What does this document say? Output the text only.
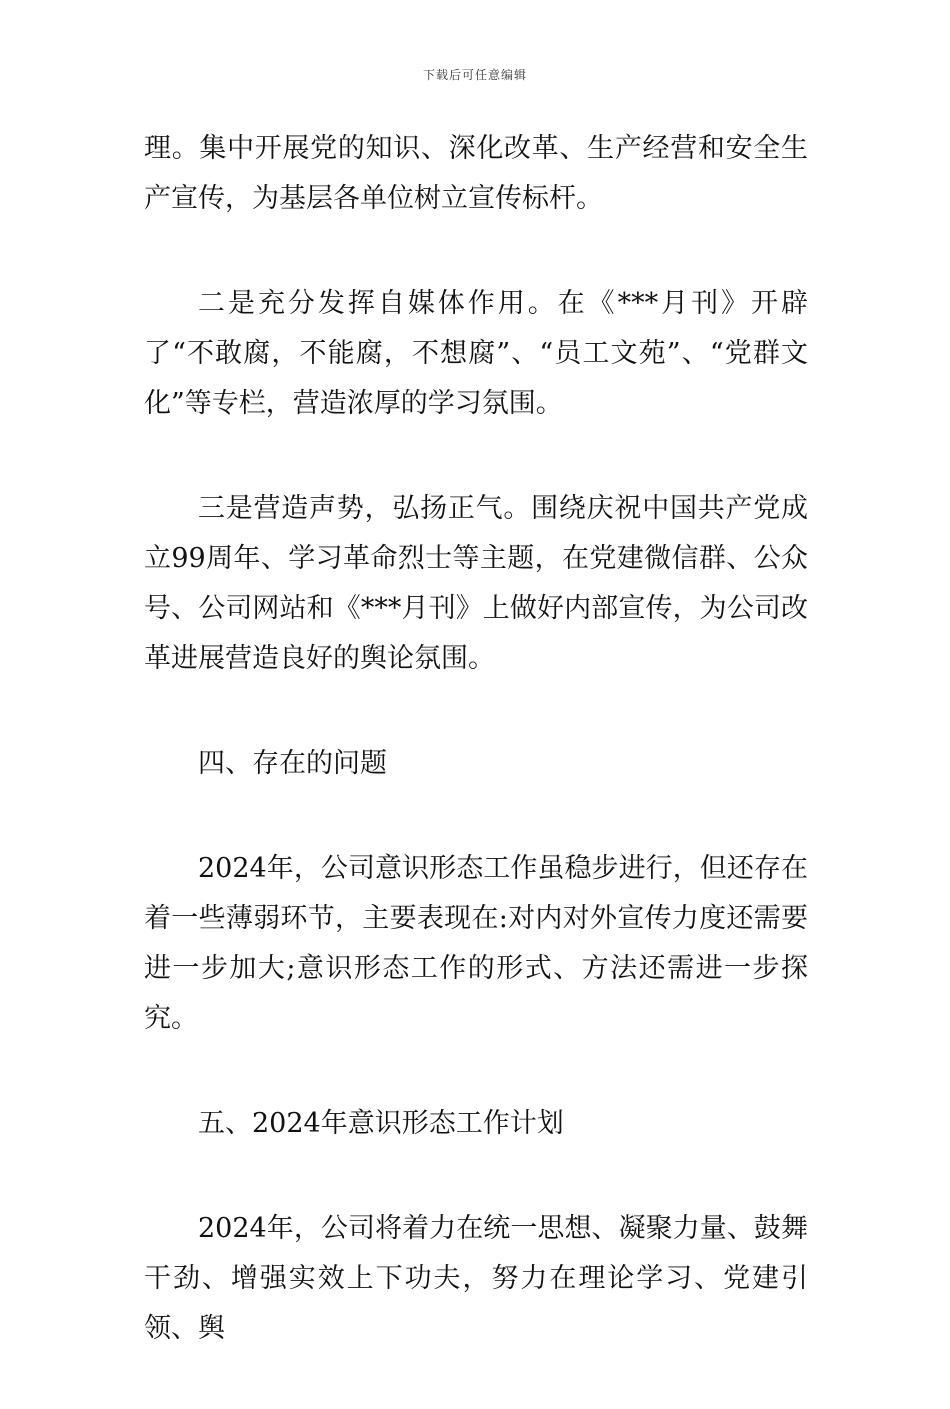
下载后可任意编辑

理。集中开展党的知识、深化改革、生产经营和安全生产宣传，为基层各单位树立宣传标杆。

二是充分发挥自媒体作用。在《***月刊》开辟了“不敢腐，不能腐，不想腐”、“员工文苑”、“党群文化”等专栏，营造浓厚的学习氛围。

三是营造声势，弘扬正气。围绕庆祝中国共产党成立99周年、学习革命烈士等主题，在党建微信群、公众号、公司网站和《***月刊》上做好内部宣传，为公司改革进展营造良好的舆论氛围。

四、存在的问题

2024年，公司意识形态工作虽稳步进行，但还存在着一些薄弱环节，主要表现在:对内对外宣传力度还需要进一步加大;意识形态工作的形式、方法还需进一步探究。

五、2024年意识形态工作计划

2024年，公司将着力在统一思想、凝聚力量、鼓舞干劲、增强实效上下功夫，努力在理论学习、党建引领、舆
